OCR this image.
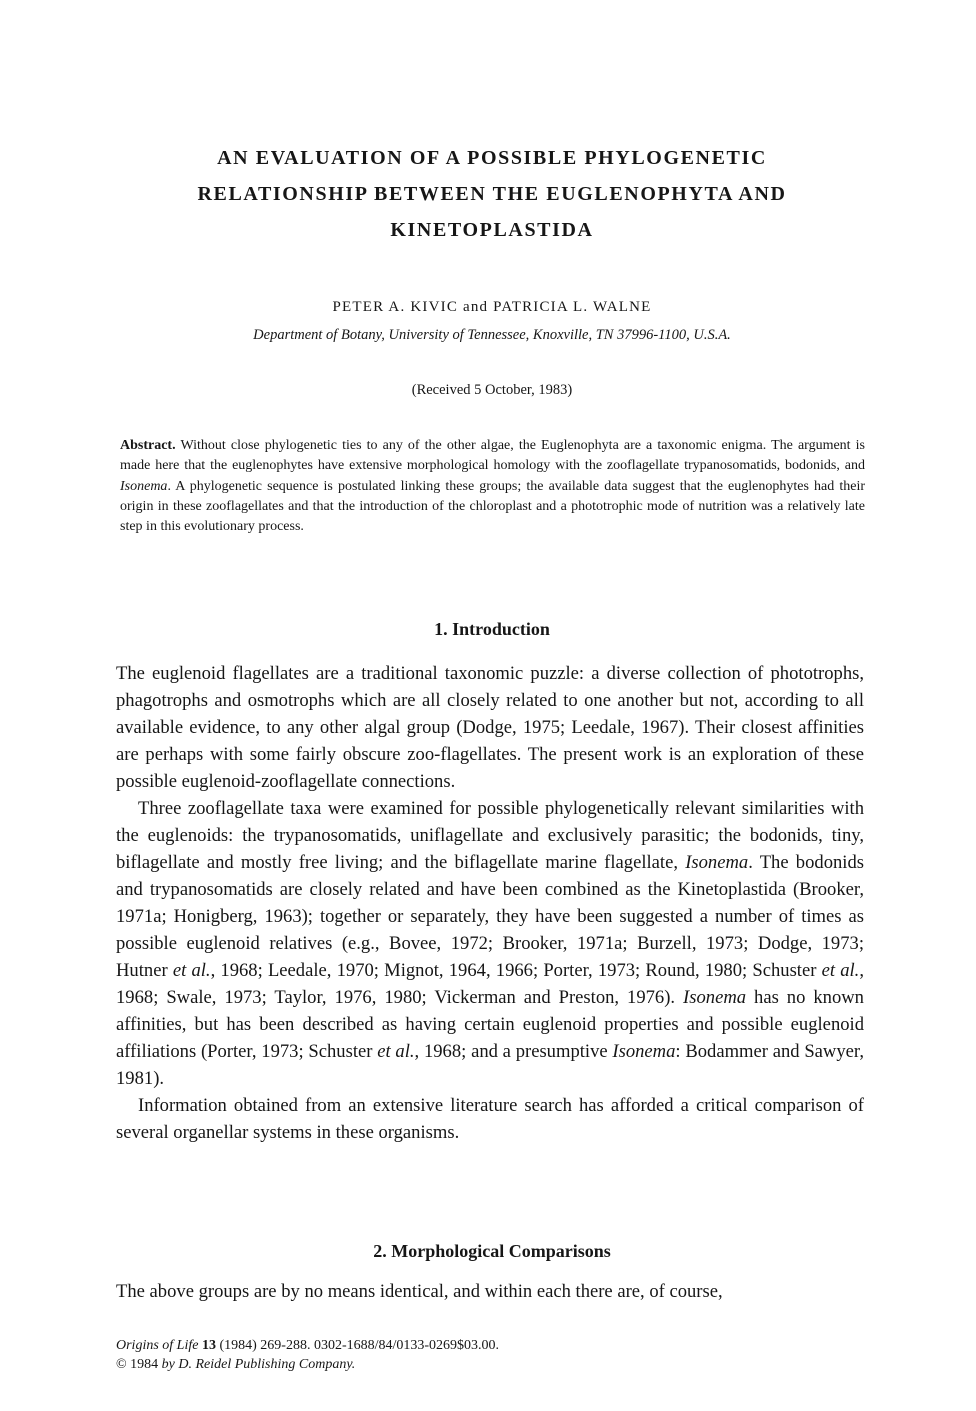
AN EVALUATION OF A POSSIBLE PHYLOGENETIC
RELATIONSHIP BETWEEN THE EUGLENOPHYTA AND
KINETOPLASTIDA
PETER A. KIVIC and PATRICIA L. WALNE
Department of Botany, University of Tennessee, Knoxville, TN 37996-1100, U.S.A.
(Received 5 October, 1983)
Abstract. Without close phylogenetic ties to any of the other algae, the Euglenophyta are a taxonomic enigma. The argument is made here that the euglenophytes have extensive morphological homology with the zooflagellate trypanosomatids, bodonids, and Isonema. A phylogenetic sequence is postulated linking these groups; the available data suggest that the euglenophytes had their origin in these zooflagellates and that the introduction of the chloroplast and a phototrophic mode of nutrition was a relatively late step in this evolutionary process.
1. Introduction

The euglenoid flagellates are a traditional taxonomic puzzle: a diverse collection of phototrophs, phagotrophs and osmotrophs which are all closely related to one another but not, according to all available evidence, to any other algal group (Dodge, 1975; Leedale, 1967). Their closest affinities are perhaps with some fairly obscure zoo-flagellates. The present work is an exploration of these possible euglenoid-zooflagellate connections.

Three zooflagellate taxa were examined for possible phylogenetically relevant similarities with the euglenoids: the trypanosomatids, uniflagellate and exclusively parasitic; the bodonids, tiny, biflagellate and mostly free living; and the biflagellate marine flagellate, Isonema. The bodonids and trypanosomatids are closely related and have been combined as the Kinetoplastida (Brooker, 1971a; Honigberg, 1963); together or separately, they have been suggested a number of times as possible euglenoid relatives (e.g., Bovee, 1972; Brooker, 1971a; Burzell, 1973; Dodge, 1973; Hutner et al., 1968; Leedale, 1970; Mignot, 1964, 1966; Porter, 1973; Round, 1980; Schuster et al., 1968; Swale, 1973; Taylor, 1976, 1980; Vickerman and Preston, 1976). Isonema has no known affinities, but has been described as having certain euglenoid properties and possible euglenoid affiliations (Porter, 1973; Schuster et al., 1968; and a presumptive Isonema: Bodammer and Sawyer, 1981).

Information obtained from an extensive literature search has afforded a critical comparison of several organellar systems in these organisms.

2. Morphological Comparisons

The above groups are by no means identical, and within each there are, of course,

Origins of Life 13 (1984) 269-288. 0302-1688/84/0133-0269$03.00.
© 1984 by D. Reidel Publishing Company.
